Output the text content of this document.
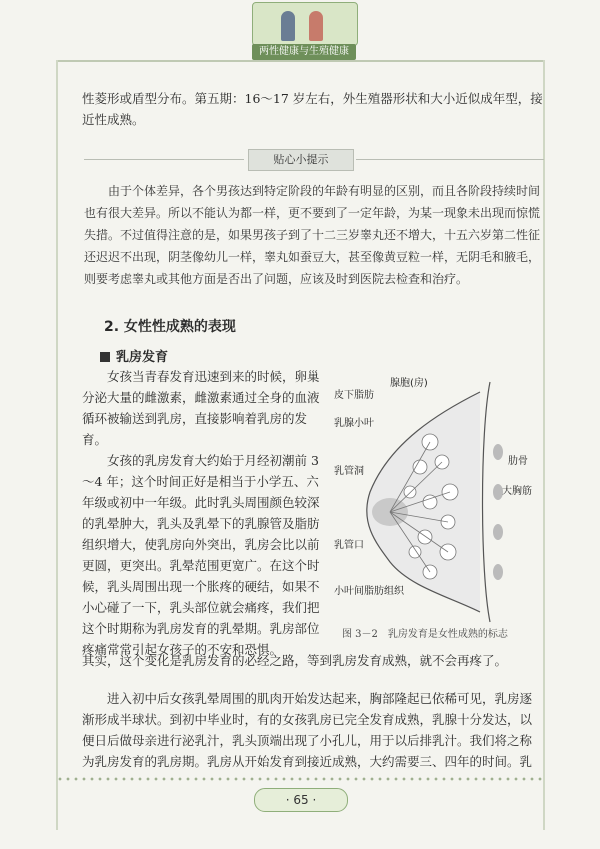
两性健康与生殖健康

性菱形或盾型分布。第五期：16～17 岁左右，外生殖器形状和大小近似成年型，接近性成熟。

贴心小提示

由于个体差异，各个男孩达到特定阶段的年龄有明显的区别，而且各阶段持续时间也有很大差异。所以不能认为都一样，更不要到了一定年龄，为某一现象未出现而惊慌失措。不过值得注意的是，如果男孩子到了十二三岁睾丸还不增大，十五六岁第二性征还迟迟不出现，阴茎像幼儿一样，睾丸如蚕豆大，甚至像黄豆粒一样，无阴毛和腋毛，则要考虑睾丸或其他方面是否出了问题，应该及时到医院去检查和治疗。

2. 女性性成熟的表现
乳房发育

女孩当青春发育迅速到来的时候，卵巢分泌大量的雌激素，雌激素通过全身的血液循环被输送到乳房，直接影响着乳房的发育。

女孩的乳房发育大约始于月经初潮前 3～4 年；这个时间正好是相当于小学五、六年级或初中一年级。此时乳头周围颜色较深的乳晕肿大，乳头及乳晕下的乳腺管及脂肪组织增大，使乳房向外突出，乳房会比以前更圆，更突出。乳晕范围更宽广。在这个时候，乳头周围出现一个胀疼的硬结，如果不小心碰了一下，乳头部位就会痛疼，我们把这个时期称为乳房发育的乳晕期。乳房部位疼痛常常引起女孩子的不安和恐惧。

皮下脂肪
腺胞(房)
乳腺小叶
肋骨
大胸筋
乳管洞
乳管口
小叶间脂肪组织
图 3－2　乳房发育是女性成熟的标志

其实，这个变化是乳房发育的必经之路，等到乳房发育成熟，就不会再疼了。

进入初中后女孩乳晕周围的肌肉开始发达起来，胸部隆起已依稀可见，乳房逐渐形成半球状。到初中毕业时，有的女孩乳房已完全发育成熟，乳腺十分发达，以便日后做母亲进行泌乳汁，乳头顶端出现了小孔儿，用于以后排乳汁。我们将之称为乳房发育的乳房期。乳房从开始发育到接近成熟，大约需要三、四年的时间。乳

· 65 ·
